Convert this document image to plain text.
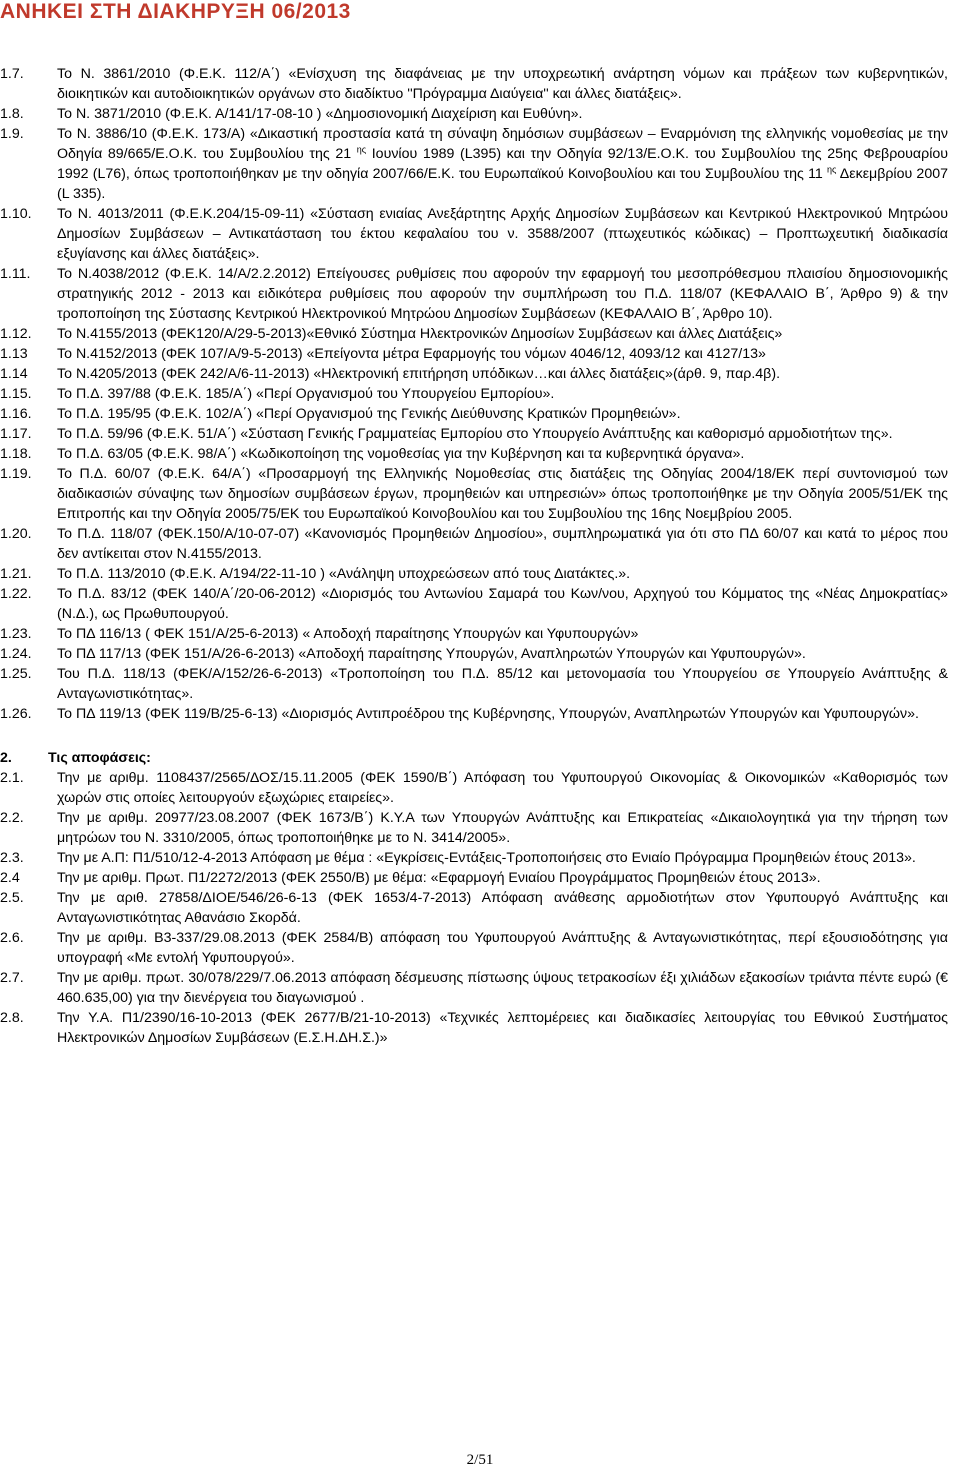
ΑΝΗΚΕΙ ΣΤΗ ΔΙΑΚΗΡΥΞΗ 06/2013
1.7.	Το Ν. 3861/2010 (Φ.Ε.Κ. 112/Α΄) «Ενίσχυση της διαφάνειας με την υποχρεωτική ανάρτηση νόμων και πράξεων των κυβερνητικών, διοικητικών και αυτοδιοικητικών οργάνων στο διαδίκτυο ''Πρόγραμμα Διαύγεια'' και άλλες διατάξεις».
1.8.	Το Ν. 3871/2010 (Φ.Ε.Κ. Α/141/17-08-10 ) «Δημοσιονομική Διαχείριση και Ευθύνη».
1.9.	Το Ν. 3886/10 (Φ.Ε.Κ. 173/Α) «Δικαστική προστασία κατά τη σύναψη δημόσιων συμβάσεων – Εναρμόνιση της ελληνικής νομοθεσίας με την Οδηγία 89/665/Ε.Ο.Κ. του Συμβουλίου της 21 $^{\eta\varsigma}$ Ιουνίου 1989 (L395) και την Οδηγία 92/13/Ε.Ο.Κ. του Συμβουλίου της 25ης Φεβρουαρίου 1992 (L76), όπως τροποποιήθηκαν με την οδηγία 2007/66/Ε.Κ. του Ευρωπαϊκού Κοινοβουλίου και του Συμβουλίου της 11 $^{\eta\varsigma}$ Δεκεμβρίου 2007 (L 335).
1.10.	Το Ν. 4013/2011 (Φ.Ε.Κ.204/15-09-11) «Σύσταση ενιαίας Ανεξάρτητης Αρχής Δημοσίων Συμβάσεων και Κεντρικού Ηλεκτρονικού Μητρώου Δημοσίων Συμβάσεων – Αντικατάσταση του έκτου κεφαλαίου του ν. 3588/2007 (πτωχευτικός κώδικας) – Προπτωχευτική διαδικασία εξυγίανσης και άλλες διατάξεις».
1.11.	Το Ν.4038/2012 (Φ.Ε.Κ. 14/Α/2.2.2012) Επείγουσες ρυθμίσεις που αφορούν την εφαρμογή του μεσοπρόθεσμου πλαισίου δημοσιονομικής στρατηγικής 2012 - 2013 και ειδικότερα ρυθμίσεις που αφορούν την συμπλήρωση του Π.Δ. 118/07 (ΚΕΦΑΛΑΙΟ Β΄, Άρθρο 9) & την τροποποίηση της Σύστασης Κεντρικού Ηλεκτρονικού Μητρώου Δημοσίων Συμβάσεων (ΚΕΦΑΛΑΙΟ Β΄, Άρθρο 10).
1.12.	Το Ν.4155/2013 (ΦΕΚ120/Α/29-5-2013)«Εθνικό Σύστημα Ηλεκτρονικών Δημοσίων Συμβάσεων και άλλες Διατάξεις»
1.13	Το Ν.4152/2013 (ΦΕΚ 107/Α/9-5-2013) «Επείγοντα μέτρα Εφαρμογής του νόμων 4046/12, 4093/12 και 4127/13»
1.14	Το Ν.4205/2013 (ΦΕΚ 242/Α/6-11-2013) «Ηλεκτρονική επιτήρηση υπόδικων…και άλλες διατάξεις»(άρθ. 9, παρ.4β).
1.15.	Το Π.Δ. 397/88 (Φ.Ε.Κ. 185/Α΄) «Περί Οργανισμού του Υπουργείου Εμπορίου».
1.16.	Το Π.Δ. 195/95 (Φ.Ε.Κ. 102/Α΄) «Περί Οργανισμού της Γενικής Διεύθυνσης Κρατικών Προμηθειών».
1.17.	Το Π.Δ. 59/96 (Φ.Ε.Κ. 51/Α΄) «Σύσταση Γενικής Γραμματείας Εμπορίου στο Υπουργείο Ανάπτυξης και καθορισμό αρμοδιοτήτων της».
1.18.	Το Π.Δ. 63/05 (Φ.Ε.Κ. 98/Α΄) «Κωδικοποίηση της νομοθεσίας για την Κυβέρνηση και τα κυβερνητικά όργανα».
1.19.	Το Π.Δ. 60/07 (Φ.Ε.Κ. 64/Α΄) «Προσαρμογή της Ελληνικής Νομοθεσίας στις διατάξεις της Οδηγίας 2004/18/ΕΚ περί συντονισμού των διαδικασιών σύναψης των δημοσίων συμβάσεων έργων, προμηθειών και υπηρεσιών» όπως τροποποιήθηκε με την Οδηγία 2005/51/ΕΚ της Επιτροπής και την Οδηγία 2005/75/ΕΚ του Ευρωπαϊκού Κοινοβουλίου και του Συμβουλίου της 16ης Νοεμβρίου 2005.
1.20.	Το Π.Δ. 118/07 (ΦΕΚ.150/Α/10-07-07) «Κανονισμός Προμηθειών Δημοσίου», συμπληρωματικά για ότι στο ΠΔ 60/07 και κατά το μέρος που δεν αντίκειται στον Ν.4155/2013.
1.21.	Το Π.Δ. 113/2010 (Φ.Ε.Κ. Α/194/22-11-10 ) «Ανάληψη υποχρεώσεων από τους Διατάκτες.».
1.22.	Το Π.Δ. 83/12 (ΦΕΚ 140/Α΄/20-06-2012) «Διορισμός του Αντωνίου Σαμαρά του Κων/νου, Αρχηγού του Κόμματος της «Νέας Δημοκρατίας» (Ν.Δ.), ως Πρωθυπουργού.
1.23.	Το ΠΔ 116/13 ( ΦΕΚ 151/Α/25-6-2013) « Αποδοχή παραίτησης Υπουργών και Υφυπουργών»
1.24.	Το ΠΔ 117/13 (ΦΕΚ 151/Α/26-6-2013) «Αποδοχή παραίτησης Υπουργών, Αναπληρωτών Υπουργών και Υφυπουργών».
1.25.	Του Π.Δ. 118/13 (ΦΕΚ/Α/152/26-6-2013) «Τροποποίηση του Π.Δ. 85/12 και μετονομασία του Υπουργείου σε Υπουργείο Ανάπτυξης & Ανταγωνιστικότητας».
1.26.	Το ΠΔ 119/13 (ΦΕΚ 119/Β/25-6-13) «Διορισμός Αντιπροέδρου της Κυβέρνησης, Υπουργών, Αναπληρωτών Υπουργών και Υφυπουργών».
2.	Τις αποφάσεις:
2.1.	Την με αριθμ. 1108437/2565/ΔΟΣ/15.11.2005 (ΦΕΚ 1590/Β΄) Απόφαση του Υφυπουργού Οικονομίας & Οικονομικών «Καθορισμός των χωρών στις οποίες λειτουργούν εξωχώριες εταιρείες».
2.2.	Την με αριθμ. 20977/23.08.2007 (ΦΕΚ 1673/Β΄) Κ.Υ.Α των Υπουργών Ανάπτυξης και Επικρατείας «Δικαιολογητικά για την τήρηση των μητρώων του Ν. 3310/2005, όπως τροποποιήθηκε με το Ν. 3414/2005».
2.3.	Την με Α.Π: Π1/510/12-4-2013 Απόφαση με θέμα : «Εγκρίσεις-Εντάξεις-Τροποποιήσεις στο Ενιαίο Πρόγραμμα Προμηθειών έτους 2013».
2.4	Την με αριθμ. Πρωτ. Π1/2272/2013 (ΦΕΚ 2550/Β) με θέμα: «Εφαρμογή Ενιαίου Προγράμματος Προμηθειών έτους 2013».
2.5.	Την με αριθ. 27858/ΔΙΟΕ/546/26-6-13 (ΦΕΚ 1653/4-7-2013) Απόφαση ανάθεσης αρμοδιοτήτων στον Υφυπουργό Ανάπτυξης και Ανταγωνιστικότητας Αθανάσιο Σκορδά.
2.6.	Την με αριθμ. Β3-337/29.08.2013 (ΦΕΚ 2584/Β) απόφαση του Υφυπουργού Ανάπτυξης & Ανταγωνιστικότητας, περί εξουσιοδότησης για υπογραφή «Με εντολή Υφυπουργού».
2.7.	Την με αριθμ. πρωτ. 30/078/229/7.06.2013 απόφαση δέσμευσης πίστωσης ύψους τετρακοσίων έξι χιλιάδων εξακοσίων τριάντα πέντε ευρώ (€ 460.635,00) για την διενέργεια του διαγωνισμού .
2.8.	Την Υ.Α. Π1/2390/16-10-2013 (ΦΕΚ 2677/Β/21-10-2013) «Τεχνικές λεπτομέρειες και διαδικασίες λειτουργίας του Εθνικού Συστήματος Ηλεκτρονικών Δημοσίων Συμβάσεων (Ε.Σ.Η.ΔΗ.Σ.)»
2/51
